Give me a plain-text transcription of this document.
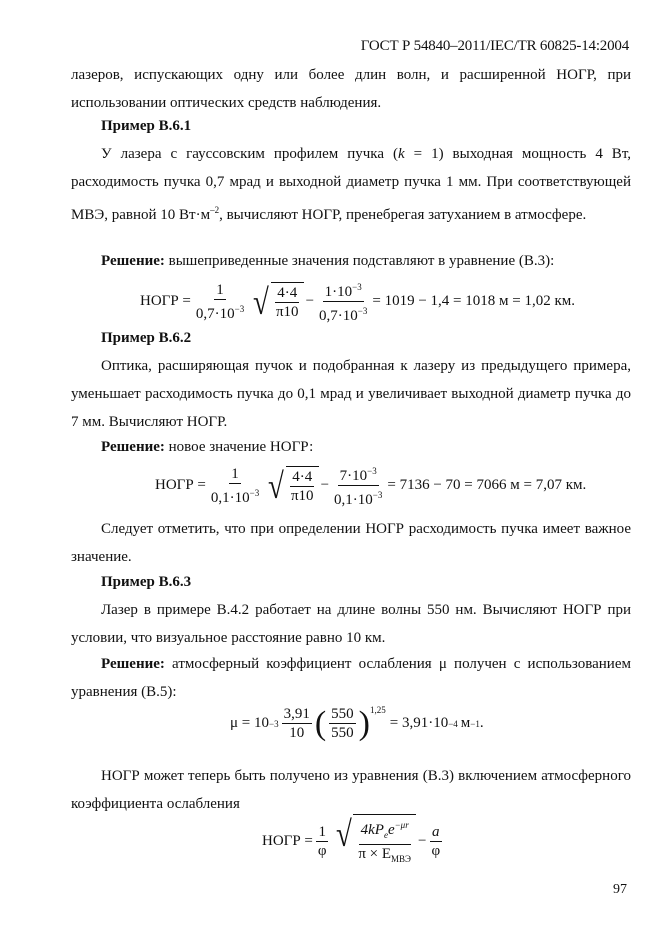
ГОСТ Р 54840–2011/IEC/TR 60825-14:2004
лазеров, испускающих одну или более длин волн, и расширенной НОГР, при использовании оптических средств наблюдения.
Пример В.6.1
У лазера с гауссовским профилем пучка (k = 1) выходная мощность 4 Вт, расходимость пучка 0,7 мрад и выходной диаметр пучка 1 мм. При соответствующей МВЭ, равной 10 $Вт\cdot м^{-2}$, вычисляют НОГР, пренебрегая затуханием в атмосфере.
Решение: вышеприведенные значения подставляют в уравнение (В.3):
НОГР = $\frac{1}{0,7\cdot 10^{-3}}$ √ $\frac{4\cdot 4}{\pi 10} - \frac{1\cdot 10^{-3}}{0,7\cdot 10^{-3}} = 1019 - 1,4 = 1018$ м = 1,02 км.
Пример В.6.2
Оптика, расширяющая пучок и подобранная к лазеру из предыдущего примера, уменьшает расходимость пучка до 0,1 мрад и увеличивает выходной диаметр пучка до 7 мм. Вычисляют НОГР.
Решение: новое значение НОГР:
НОГР = $\frac{1}{0,1\cdot 10^{-3}}$ √ $\frac{4\cdot 4}{\pi 10} - \frac{7\cdot 10^{-3}}{0,1\cdot 10^{-3}} = 7136 - 70 = 7066$ м = 7,07 км.
Следует отметить, что при определении НОГР расходимость пучка имеет важное значение.
Пример В.6.3
Лазер в примере В.4.2 работает на длине волны 550 нм. Вычисляют НОГР при условии, что визуальное расстояние равно 10 км.
Решение: атмосферный коэффициент ослабления μ получен с использованием уравнения (В.5):
$\mu = 10 -3 \frac{3,91}{10}$ ( $\frac{550}{550} )^{1,25}$
= 3,91·10 −4 м −1 .
НОГР может теперь быть получено из уравнения (В.3) включением атмосферного коэффициента ослабления
НОГР = $\frac{1}{\varphi}$ √ $\frac{4kP_ee^{-\mu r}}{\pi \times E_{МВЭ}} - \frac{a}{\varphi}$
97
